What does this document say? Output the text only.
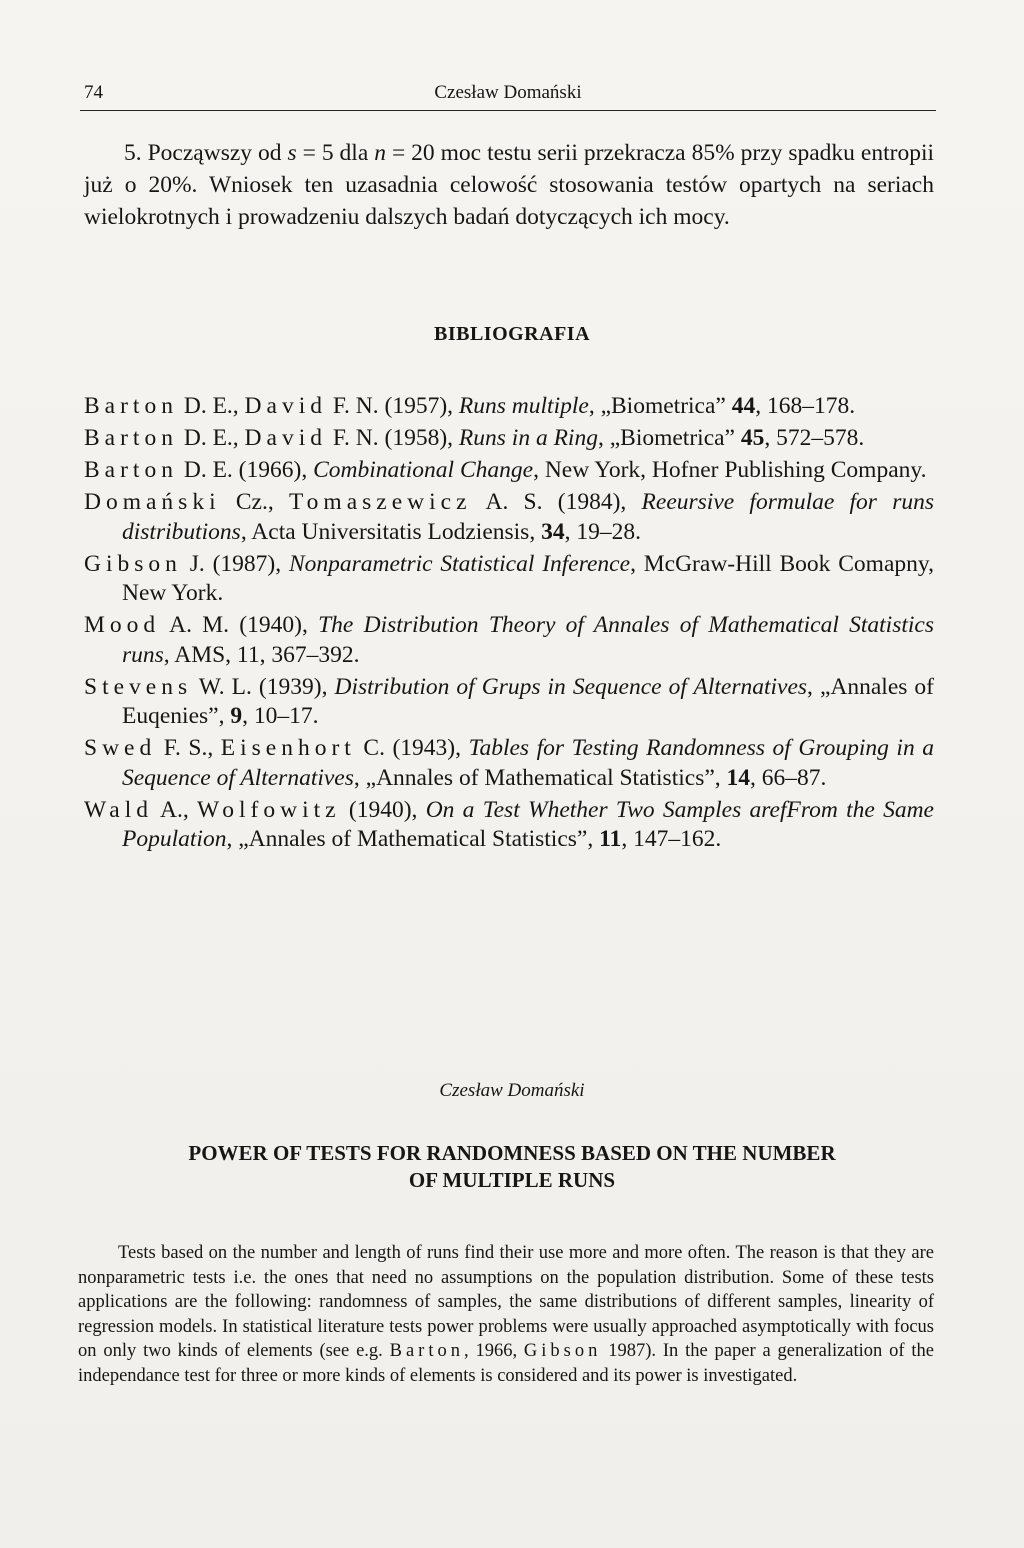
74	Czesław Domański
5. Począwszy od s = 5 dla n = 20 moc testu serii przekracza 85% przy spadku entropii już o 20%. Wniosek ten uzasadnia celowość stosowania testów opartych na seriach wielokrotnych i prowadzeniu dalszych badań dotyczących ich mocy.
BIBLIOGRAFIA
Barton D. E., David F. N. (1957), Runs multiple, „Biometrica” 44, 168–178.
Barton D. E., David F. N. (1958), Runs in a Ring, „Biometrica” 45, 572–578.
Barton D. E. (1966), Combinational Change, New York, Hofner Publishing Company.
Domański Cz., Tomaszewicz A. S. (1984), Reeursive formulae for runs distributions, Acta Universitatis Lodziensis, 34, 19–28.
Gibson J. (1987), Nonparametric Statistical Inference, McGraw-Hill Book Comapny, New York.
Mood A. M. (1940), The Distribution Theory of Annales of Mathematical Statistics runs, AMS, 11, 367–392.
Stevens W. L. (1939), Distribution of Grups in Sequence of Alternatives, „Annales of Euqenies”, 9, 10–17.
Swed F. S., Eisenhort C. (1943), Tables for Testing Randomness of Grouping in a Sequence of Alternatives, „Annales of Mathematical Statistics”, 14, 66–87.
Wald A., Wolfowitz (1940), On a Test Whether Two Samples arefFrom the Same Population, „Annales of Mathematical Statistics”, 11, 147–162.
Czesław Domański
POWER OF TESTS FOR RANDOMNESS BASED ON THE NUMBER
OF MULTIPLE RUNS
Tests based on the number and length of runs find their use more and more often. The reason is that they are nonparametric tests i.e. the ones that need no assumptions on the population distribution. Some of these tests applications are the following: randomness of samples, the same distributions of different samples, linearity of regression models. In statistical literature tests power problems were usually approached asymptotically with focus on only two kinds of elements (see e.g. Barton, 1966, Gibson 1987). In the paper a generalization of the independance test for three or more kinds of elements is considered and its power is investigated.
